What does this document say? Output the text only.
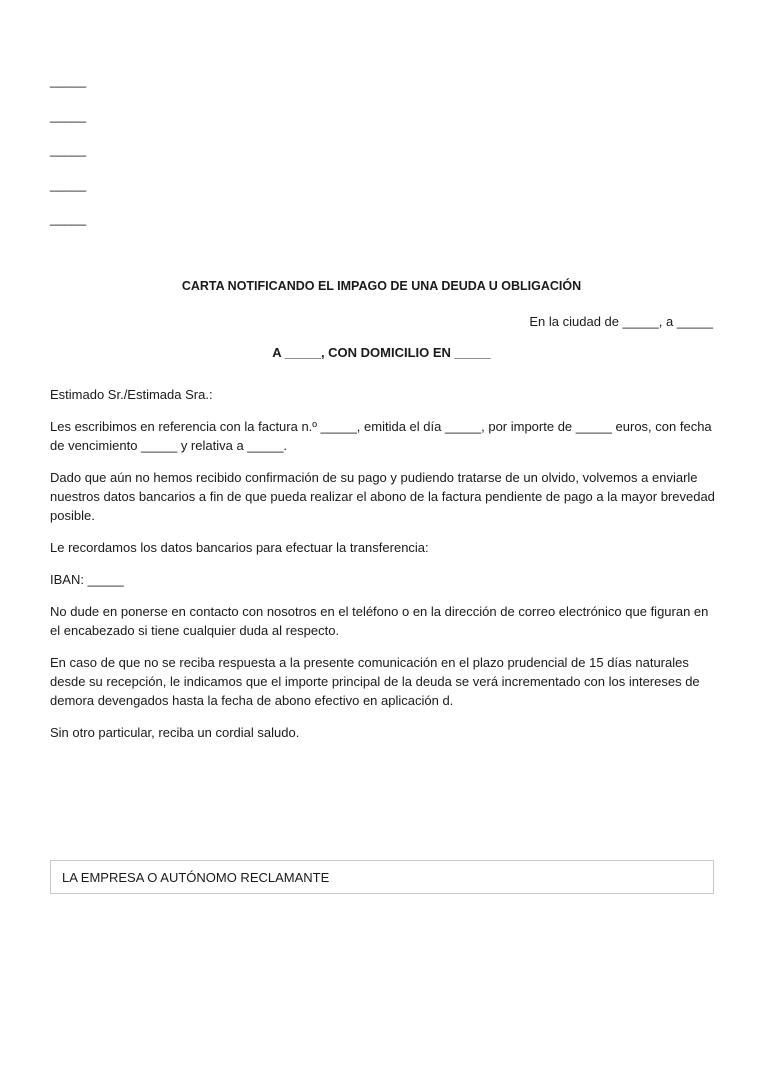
_____
_____
_____
_____
_____
CARTA NOTIFICANDO EL IMPAGO DE UNA DEUDA U OBLIGACIÓN
En la ciudad de _____, a _____
A _____, CON DOMICILIO EN _____

Estimado Sr./Estimada Sra.:

Les escribimos en referencia con la factura n.º _____, emitida el día _____, por importe de _____ euros, con fecha de vencimiento _____ y relativa a _____.

Dado que aún no hemos recibido confirmación de su pago y pudiendo tratarse de un olvido, volvemos a enviarle nuestros datos bancarios a fin de que pueda realizar el abono de la factura pendiente de pago a la mayor brevedad posible.

Le recordamos los datos bancarios para efectuar la transferencia:

IBAN: _____

No dude en ponerse en contacto con nosotros en el teléfono o en la dirección de correo electrónico que figuran en el encabezado si tiene cualquier duda al respecto.

En caso de que no se reciba respuesta a la presente comunicación en el plazo prudencial de 15 días naturales desde su recepción, le indicamos que el importe principal de la deuda se verá incrementado con los intereses de demora devengados hasta la fecha de abono efectivo en aplicación d.

Sin otro particular, reciba un cordial saludo.

LA EMPRESA O AUTÓNOMO RECLAMANTE
